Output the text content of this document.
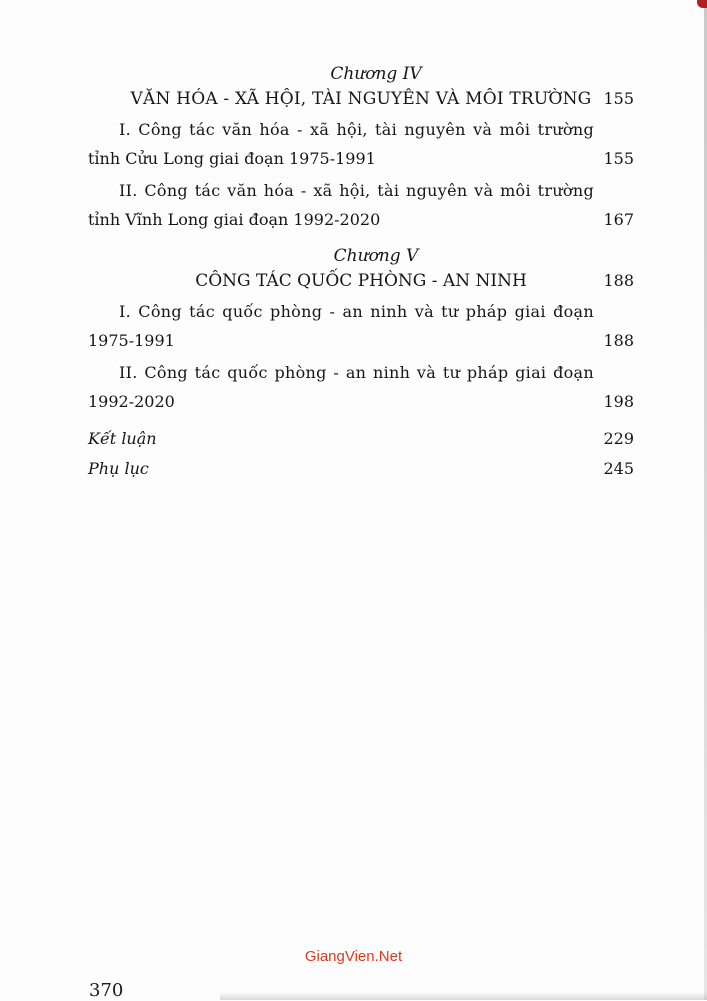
Chương IV
VĂN HÓA - XÃ HỘI, TÀI NGUYÊN VÀ MÔI TRƯỜNG 155
I. Công tác văn hóa - xã hội, tài nguyên và môi trường
tỉnh Cửu Long giai đoạn 1975-1991	155
II. Công tác văn hóa - xã hội, tài nguyên và môi trường
tỉnh Vĩnh Long giai đoạn 1992-2020	167
Chương V
CÔNG TÁC QUỐC PHÒNG - AN NINH	188
I. Công tác quốc phòng - an ninh và tư pháp giai đoạn
1975-1991	188
II. Công tác quốc phòng - an ninh và tư pháp giai đoạn
1992-2020	198
Kết luận	229
Phụ lục	245
GiangVien.Net
370
